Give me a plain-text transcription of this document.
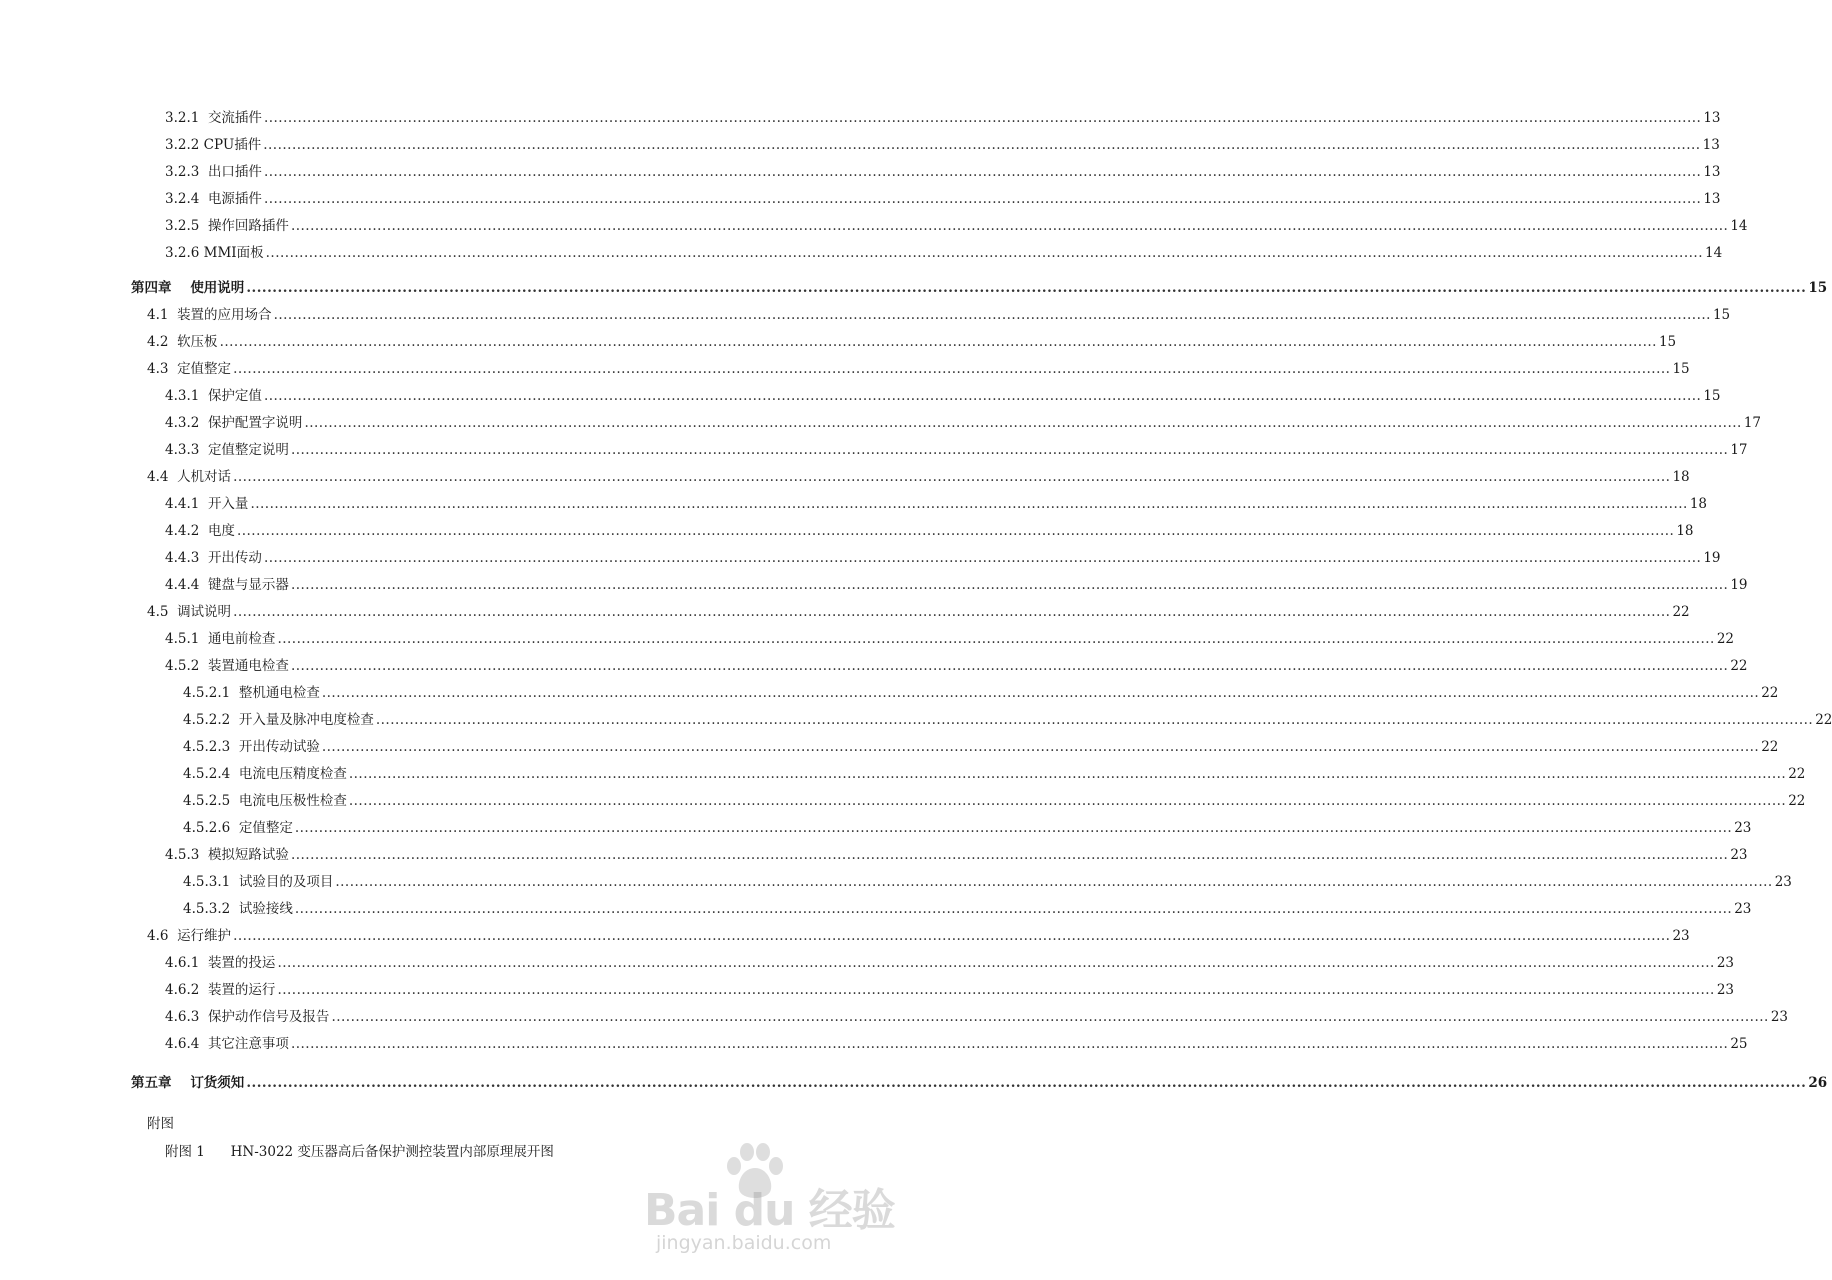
3.2.1 交流插件 ............................................................................................................................................................................................................................................................................................................ 13
3.2.2 CPU插件 ............................................................................................................................................................................................................................................................................................................ 13
3.2.3 出口插件 ............................................................................................................................................................................................................................................................................................................ 13
3.2.4 电源插件 ............................................................................................................................................................................................................................................................................................................ 13
3.2.5 操作回路插件 ............................................................................................................................................................................................................................................................................................................ 14
3.2.6 MMI面板 ............................................................................................................................................................................................................................................................................................................ 14
第四章 使用说明 ............................................................................................................................................................................................................................................................................................................ 15
4.1 装置的应用场合 ............................................................................................................................................................................................................................................................................................................ 15
4.2 软压板 ............................................................................................................................................................................................................................................................................................................ 15
4.3 定值整定 ............................................................................................................................................................................................................................................................................................................ 15
4.3.1 保护定值 ............................................................................................................................................................................................................................................................................................................ 15
4.3.2 保护配置字说明 ............................................................................................................................................................................................................................................................................................................ 17
4.3.3 定值整定说明 ............................................................................................................................................................................................................................................................................................................ 17
4.4 人机对话 ............................................................................................................................................................................................................................................................................................................ 18
4.4.1 开入量 ............................................................................................................................................................................................................................................................................................................ 18
4.4.2 电度 ............................................................................................................................................................................................................................................................................................................ 18
4.4.3 开出传动 ............................................................................................................................................................................................................................................................................................................ 19
4.4.4 键盘与显示器 ............................................................................................................................................................................................................................................................................................................ 19
4.5 调试说明 ............................................................................................................................................................................................................................................................................................................ 22
4.5.1 通电前检查 ............................................................................................................................................................................................................................................................................................................ 22
4.5.2 装置通电检查 ............................................................................................................................................................................................................................................................................................................ 22
4.5.2.1 整机通电检查 ............................................................................................................................................................................................................................................................................................................ 22
4.5.2.2 开入量及脉冲电度检查 ............................................................................................................................................................................................................................................................................................................ 22
4.5.2.3 开出传动试验 ............................................................................................................................................................................................................................................................................................................ 22
4.5.2.4 电流电压精度检查 ............................................................................................................................................................................................................................................................................................................ 22
4.5.2.5 电流电压极性检查 ............................................................................................................................................................................................................................................................................................................ 22
4.5.2.6 定值整定 ............................................................................................................................................................................................................................................................................................................ 23
4.5.3 模拟短路试验 ............................................................................................................................................................................................................................................................................................................ 23
4.5.3.1 试验目的及项目 ............................................................................................................................................................................................................................................................................................................ 23
4.5.3.2 试验接线 ............................................................................................................................................................................................................................................................................................................ 23
4.6 运行维护 ............................................................................................................................................................................................................................................................................................................ 23
4.6.1 装置的投运 ............................................................................................................................................................................................................................................................................................................ 23
4.6.2 装置的运行 ............................................................................................................................................................................................................................................................................................................ 23
4.6.3 保护动作信号及报告 ............................................................................................................................................................................................................................................................................................................ 23
4.6.4 其它注意事项 ............................................................................................................................................................................................................................................................................................................ 25
第五章 订货须知 ............................................................................................................................................................................................................................................................................................................ 26
附图
附图 1      HN-3022 变压器高后备保护测控装置内部原理展开图
Bai du 经验
jingyan.baidu.com
